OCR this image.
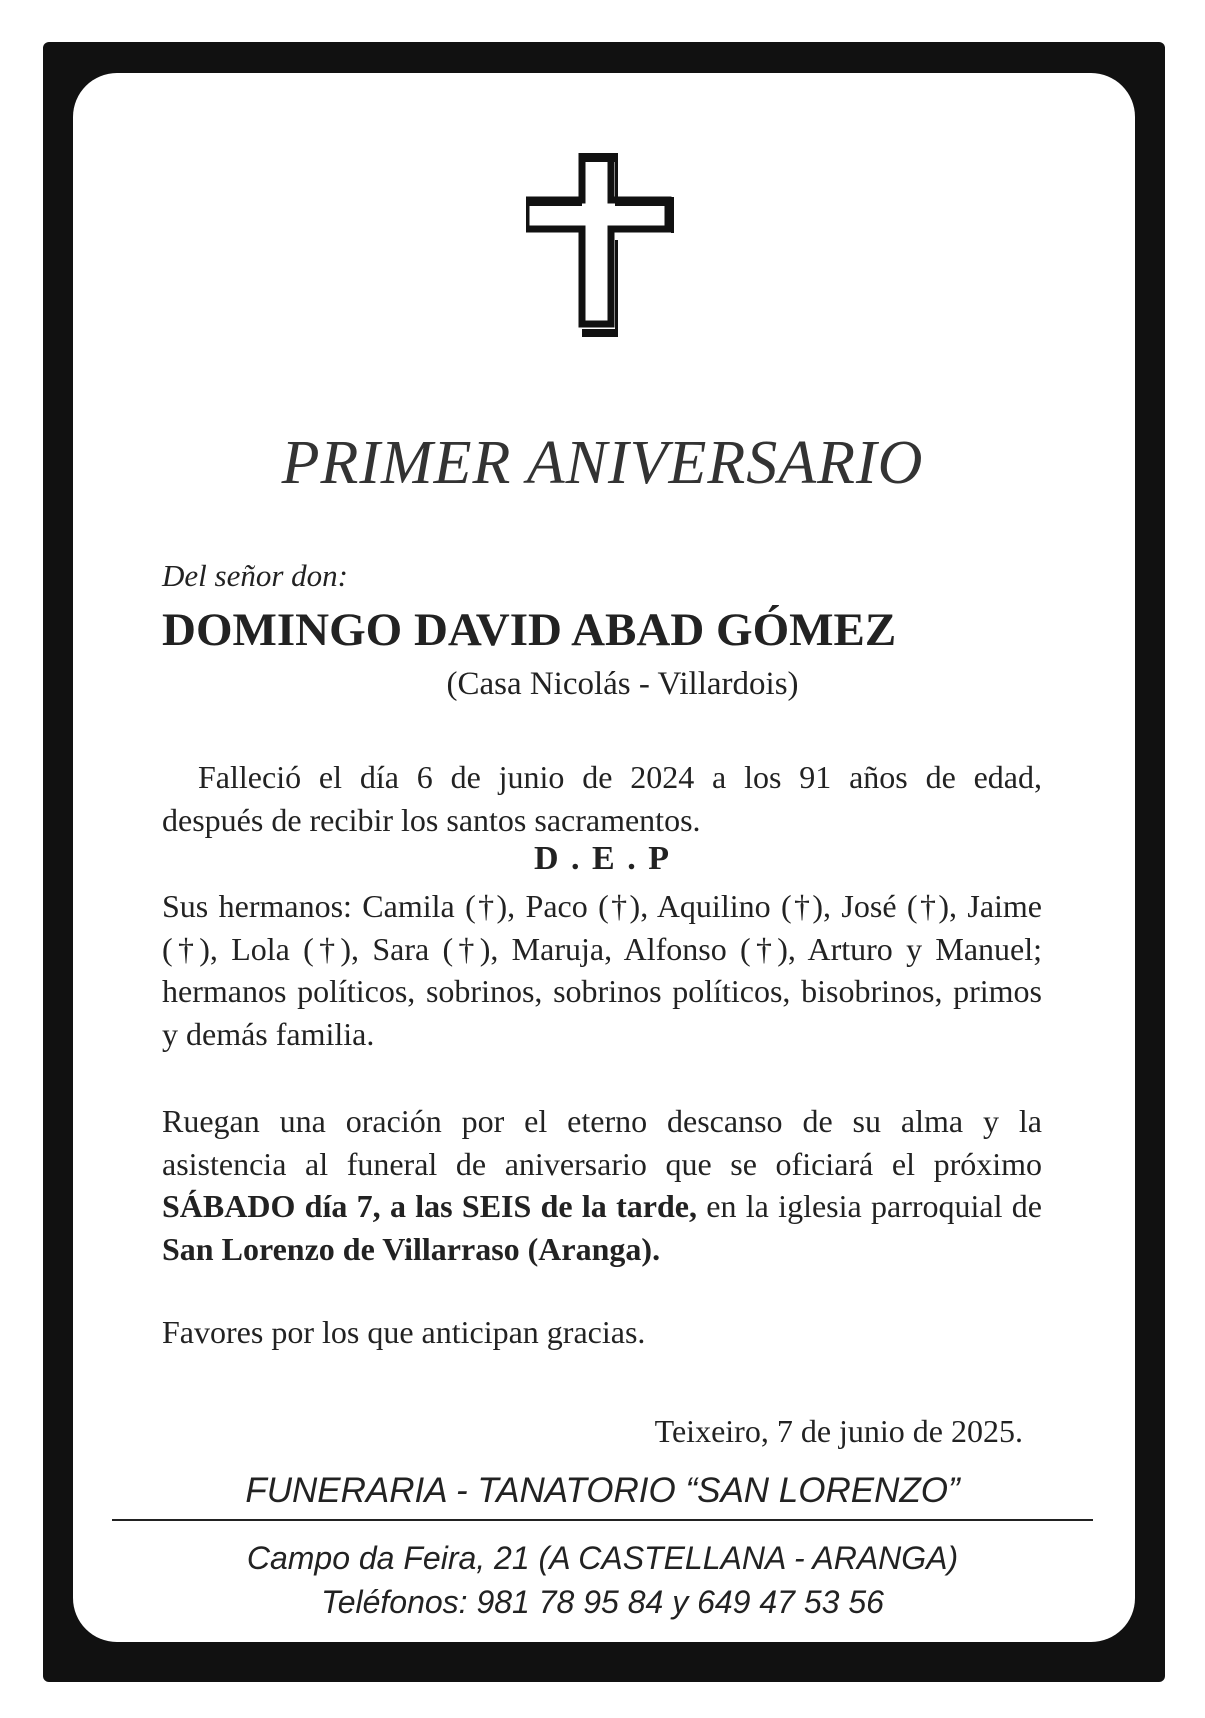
PRIMER ANIVERSARIO
Del señor don:
DOMINGO DAVID ABAD GÓMEZ
(Casa Nicolás - Villardois)
Falleció el día 6 de junio de 2024 a los 91 años de edad,
después de recibir los santos sacramentos.
D . E . P
Sus hermanos: Camila (†), Paco (†), Aquilino (†), José (†), Jaime (†), Lola (†), Sara (†), Maruja, Alfonso (†), Arturo y Manuel; hermanos políticos, sobrinos, sobrinos políticos, bisobrinos, primos y demás familia.
Ruegan una oración por el eterno descanso de su alma y la asistencia al funeral de aniversario que se oficiará el próximo SÁBADO día 7, a las SEIS de la tarde, en la iglesia parroquial de San Lorenzo de Villarraso (Aranga).
Favores por los que anticipan gracias.
Teixeiro, 7 de junio de 2025.
FUNERARIA - TANATORIO “SAN LORENZO”
Campo da Feira, 21 (A CASTELLANA - ARANGA)
Teléfonos: 981 78 95 84 y 649 47 53 56
